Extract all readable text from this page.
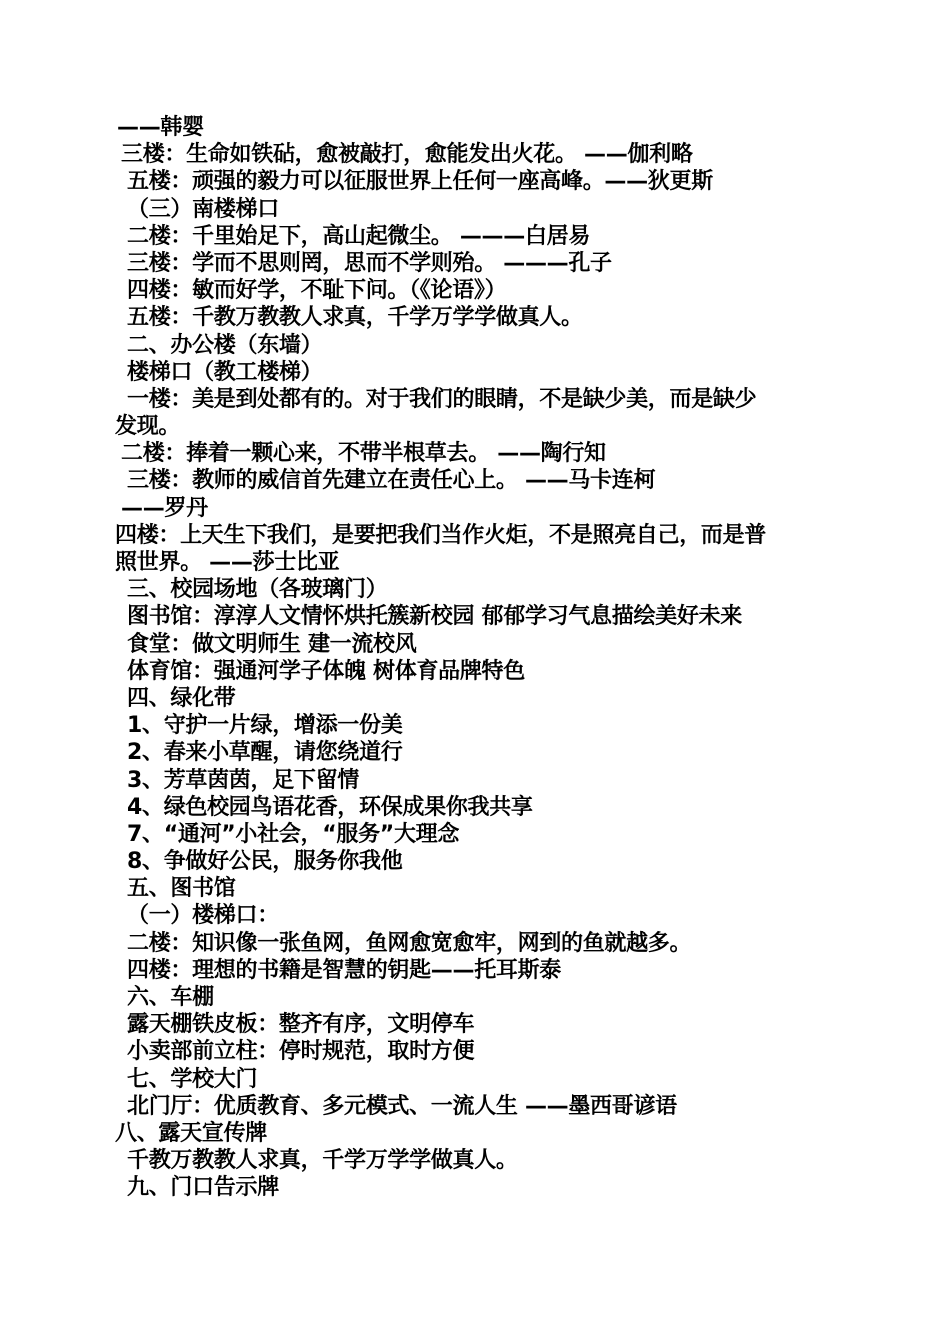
——韩婴
三楼：生命如铁砧，愈被敲打，愈能发出火花。 ——伽利略
五楼：顽强的毅力可以征服世界上任何一座高峰。——狄更斯
（三）南楼梯口
二楼：千里始足下，高山起微尘。 ———白居易
三楼：学而不思则罔，思而不学则殆。 ———孔子
四楼：敏而好学，不耻下问。（《论语》）
五楼：千教万教教人求真，千学万学学做真人。
二、办公楼（东墙）
楼梯口（教工楼梯）
一楼：美是到处都有的。对于我们的眼睛，不是缺少美，而是缺少
发现。
二楼：捧着一颗心来，不带半根草去。 ——陶行知
三楼：教师的威信首先建立在责任心上。 ——马卡连柯
——罗丹
四楼：上天生下我们，是要把我们当作火炬，不是照亮自己，而是普
照世界。 ——莎士比亚
三、校园场地（各玻璃门）
图书馆：淳淳人文情怀烘托簇新校园 郁郁学习气息描绘美好未来
食堂：做文明师生 建一流校风
体育馆：强通河学子体魄 树体育品牌特色
四、绿化带
1、守护一片绿，增添一份美
2、春来小草醒，请您绕道行
3、芳草茵茵，足下留情
4、绿色校园鸟语花香，环保成果你我共享
7、“通河”小社会，“服务”大理念
8、争做好公民，服务你我他
五、图书馆
（一）楼梯口：
二楼：知识像一张鱼网，鱼网愈宽愈牢，网到的鱼就越多。
四楼：理想的书籍是智慧的钥匙——托耳斯泰
六、车棚
露天棚铁皮板：整齐有序，文明停车
小卖部前立柱：停时规范，取时方便
七、学校大门
北门厅：优质教育、多元模式、一流人生 ——墨西哥谚语
八、露天宣传牌
千教万教教人求真，千学万学学做真人。
九、门口告示牌
